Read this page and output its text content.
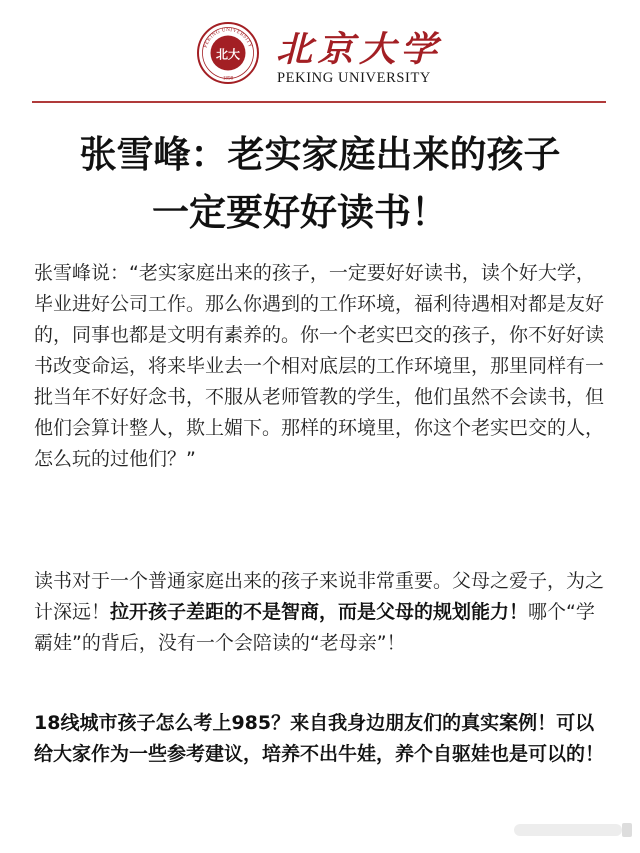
PEKING UNIVERSITY
1898
北大 北京大学
PEKING UNIVERSITY
张雪峰：老实家庭出来的孩子
一定要好好读书！

张雪峰说：“老实家庭出来的孩子，一定要好好读书，读个好大学，毕业进好公司工作。那么你遇到的工作环境，福利待遇相对都是友好的，同事也都是文明有素养的。你一个老实巴交的孩子，你不好好读书改变命运，将来毕业去一个相对底层的工作环境里，那里同样有一批当年不好好念书，不服从老师管教的学生，他们虽然不会读书，但他们会算计整人，欺上媚下。那样的环境里，你这个老实巴交的人，怎么玩的过他们？”

读书对于一个普通家庭出来的孩子来说非常重要。父母之爱子，为之计深远！拉开孩子差距的不是智商，而是父母的规划能力！哪个“学霸娃”的背后，没有一个会陪读的“老母亲”！

18线城市孩子怎么考上985？来自我身边朋友们的真实案例！可以给大家作为一些参考建议，培养不出牛娃，养个自驱娃也是可以的！
